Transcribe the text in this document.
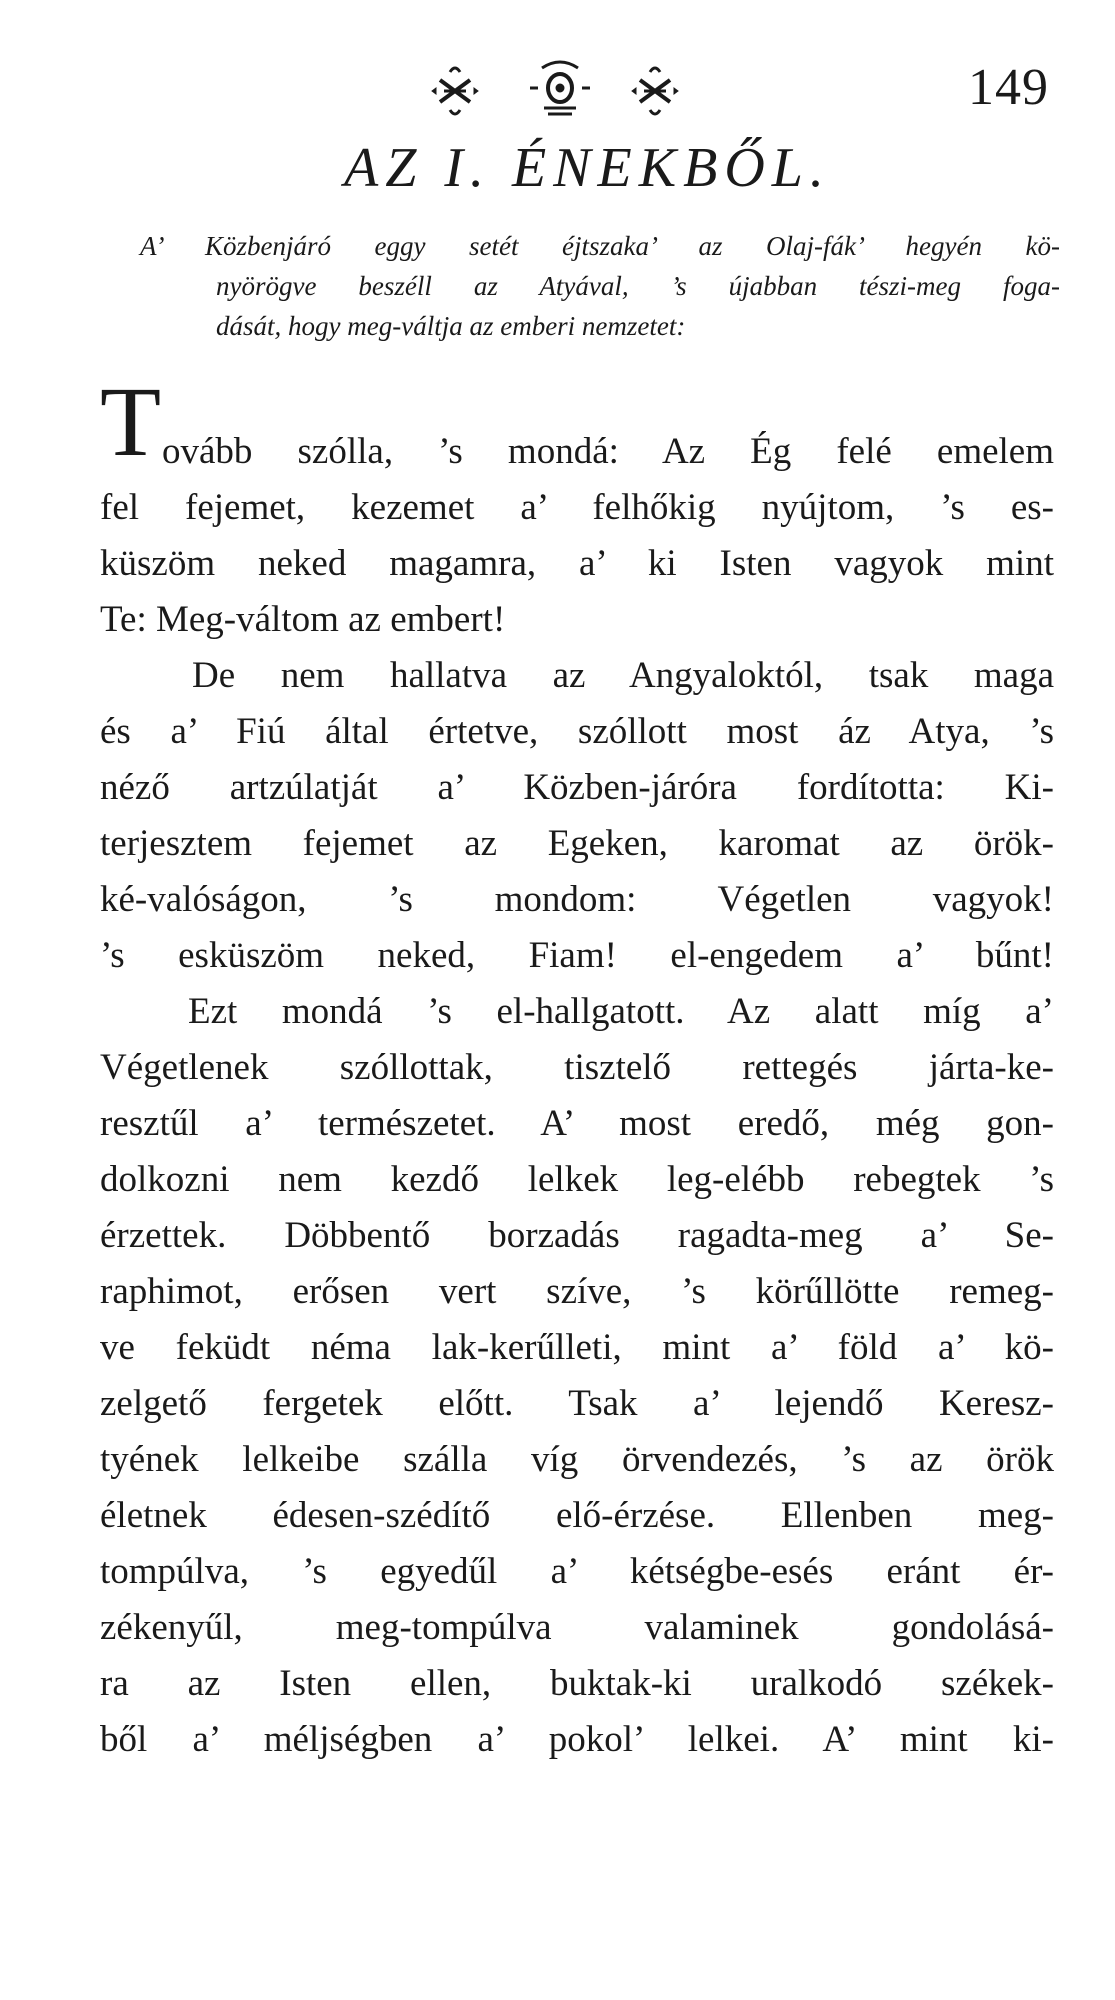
149
AZ I. ÉNEKBŐL.
A’ Közbenjáró eggy setét éjtszaka’ az Olaj-fák’ hegyén kö-
nyörögve beszéll az Atyával, ’s újabban tészi-meg foga-
dását, hogy meg-váltja az emberi nemzetet:
T ovább szólla, ’s mondá: Az Ég felé emelem
fel fejemet, kezemet a’ felhőkig nyújtom, ’s es-
küszöm neked magamra, a’ ki Isten vagyok mint
Te: Meg-váltom az embert!
De nem hallatva az Angyaloktól, tsak maga
és a’ Fiú által értetve, szóllott most áz Atya, ’s
néző artzúlatját a’ Közben-járóra fordította: Ki-
terjesztem fejemet az Egeken, karomat az örök-
ké-valóságon, ’s mondom: Végetlen vagyok!
’s esküszöm neked, Fiam! el-engedem a’ bűnt!
Ezt mondá ’s el-hallgatott. Az alatt míg a’
Végetlenek szóllottak, tisztelő rettegés járta-ke-
resztűl a’ természetet. A’ most eredő, még gon-
dolkozni nem kezdő lelkek leg-elébb rebegtek ’s
érzettek. Döbbentő borzadás ragadta-meg a’ Se-
raphimot, erősen vert szíve, ’s körűllötte remeg-
ve feküdt néma lak-kerűlleti, mint a’ föld a’ kö-
zelgető fergetek előtt. Tsak a’ lejendő Keresz-
tyének lelkeibe szálla víg örvendezés, ’s az örök
életnek édesen-szédítő elő-érzése. Ellenben meg-
tompúlva, ’s egyedűl a’ kétségbe-esés eránt ér-
zékenyűl, meg-tompúlva valaminek gondolásá-
ra az Isten ellen, buktak-ki uralkodó székek-
ből a’ méljségben a’ pokol’ lelkei. A’ mint ki-
